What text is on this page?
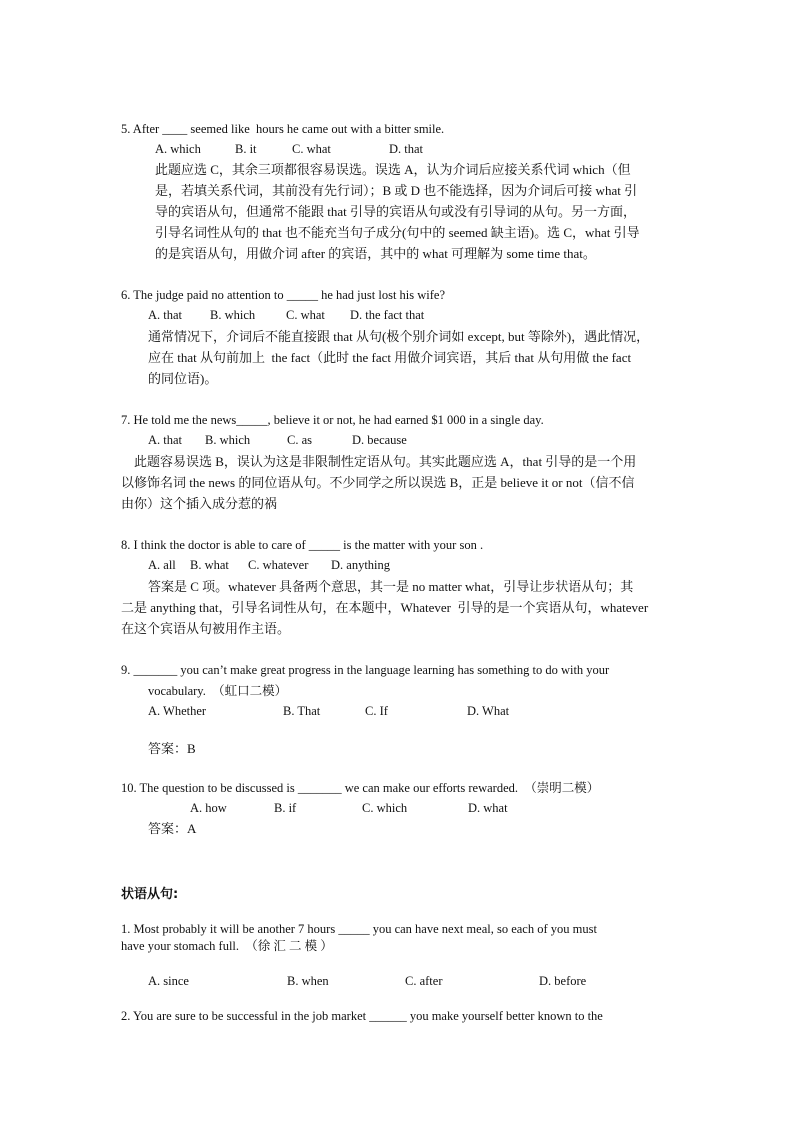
5. After ____ seemed like  hours he came out with a bitter smile.
A. which	B. it	C. what	D. that
此题应选 C，其余三项都很容易误选。误选 A，认为介词后应接关系代词 which（但
是，若填关系代词，其前没有先行词）；B 或 D 也不能选择，因为介词后可接 what 引
导的宾语从句，但通常不能跟 that 引导的宾语从句或没有引导词的从句。另一方面，
引导名词性从句的 that 也不能充当句子成分(句中的 seemed 缺主语)。选 C，what 引导
的是宾语从句，用做介词 after 的宾语，其中的 what 可理解为 some time that。
6. The judge paid no attention to _____ he had just lost his wife?
A. that B. which C. what D. the fact that
通常情况下，介词后不能直接跟 that 从句(极个别介词如 except, but 等除外)，遇此情况，
应在 that 从句前加上  the fact（此时 the fact 用做介词宾语，其后 that 从句用做 the fact
的同位语)。
7. He told me the news_____, believe it or not, he had earned $1 000 in a single day.
A. that B. which	C. as	D. because
此题容易误选 B，误认为这是非限制性定语从句。其实此题应选 A，that 引导的是一个用
以修饰名词 the news 的同位语从句。不少同学之所以误选 B，正是 believe it or not（信不信
由你）这个插入成分惹的祸
8. I think the doctor is able to care of _____ is the matter with your son .
A. all B. what C. whatever D. anything
答案是 C 项。whatever 具备两个意思，其一是 no matter what，引导让步状语从句；其
二是 anything that，引导名词性从句，在本题中，Whatever  引导的是一个宾语从句，whatever
在这个宾语从句被用作主语。
9. _______ you can’t make great progress in the language learning has something to do with your
vocabulary.  （虹口二模）
A. Whether	B. That	C. If	D. What
答案：B
10. The question to be discussed is _______ we can make our efforts rewarded.  （崇明二模）
A. how	B. if	C. which	D. what
答案：A
状语从句:
1. Most probably it will be another 7 hours _____ you can have next meal, so each of you must
have your stomach full.  （徐 汇 二 模 ）
A. since	B. when	C. after	D. before
2. You are sure to be successful in the job market ______ you make yourself better known to the
